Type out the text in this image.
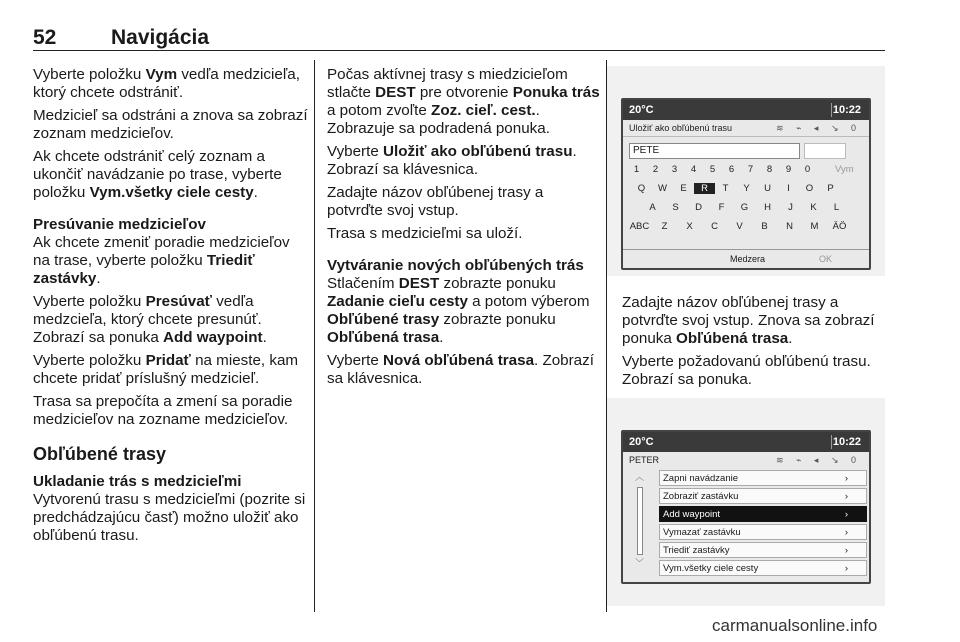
52	Navigácia

Vyberte položku Vym vedľa medzicieľa, ktorý chcete odstrániť.

Medzicieľ sa odstráni a znova sa zobrazí zoznam medzicieľov.

Ak chcete odstrániť celý zoznam a ukončiť navádzanie po trase, vyberte položku Vym.všetky ciele cesty.

Presúvanie medzicieľov

Ak chcete zmeniť poradie medzicieľov na trase, vyberte položku Triediť zastávky.

Vyberte položku Presúvať vedľa medzcieľa, ktorý chcete presunúť. Zobrazí sa ponuka Add waypoint.

Vyberte položku Pridať na mieste, kam chcete pridať príslušný medzicieľ.

Trasa sa prepočíta a zmení sa poradie medzicieľov na zozname medzicieľov.

Obľúbené trasy
Ukladanie trás s medzicieľmi

Vytvorenú trasu s medzicieľmi (pozrite si predchádzajúcu časť) možno uložiť ako obľúbenú trasu.

Počas aktívnej trasy s miedzicieľom stlačte DEST pre otvorenie Ponuka trás a potom zvoľte Zoz. cieľ. cest.. Zobrazuje sa podradená ponuka.

Vyberte Uložiť ako obľúbenú trasu. Zobrazí sa klávesnica.

Zadajte názov obľúbenej trasy a potvrďte svoj vstup.

Trasa s medzicieľmi sa uloží.

Vytváranie nových obľúbených trás

Stlačením DEST zobrazte ponuku Zadanie cieľu cesty a potom výberom Obľúbené trasy zobrazte ponuku Obľúbená trasa.

Vyberte Nová obľúbená trasa. Zobrazí sa klávesnica.

20°C	10:22
Uložiť ako obľúbenú trasu	≋ ⌁ ◂ ↘ 0
PETE
1	2	3	4	5	6	7	8	9	0	Vym
Q	W	E	R	T	Y	U	I	O	P
A	S	D	F	G	H	J	K	L
ABC	Z	X	C	V	B	N	M	ÄÖ
Medzera	OK

Zadajte názov obľúbenej trasy a potvrďte svoj vstup. Znova sa zobrazí ponuka Obľúbená trasa.

Vyberte požadovanú obľúbenú trasu. Zobrazí sa ponuka.

20°C	10:22
PETER	≋ ⌁ ◂ ↘ 0
︿
﹀
Zapni navádzanie	›
Zobraziť zastávku	›
Add waypoint	›
Vymazať zastávku	›
Triediť zastávky	›
Vym.všetky ciele cesty	›
carmanualsonline.info
